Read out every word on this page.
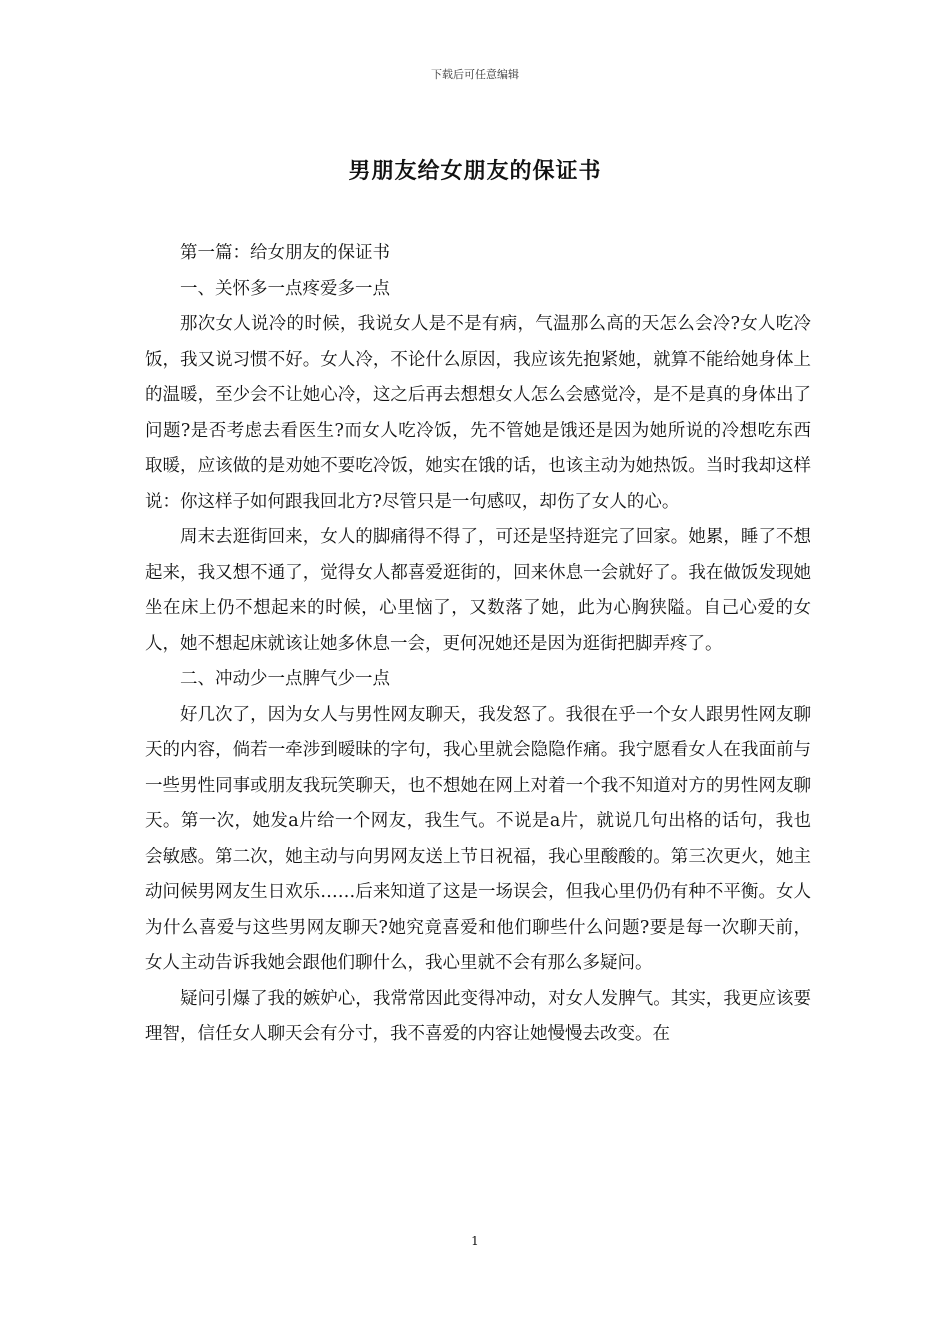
下载后可任意编辑
男朋友给女朋友的保证书

第一篇：给女朋友的保证书

一、关怀多一点疼爱多一点

那次女人说冷的时候，我说女人是不是有病，气温那么高的天怎么会冷?女人吃冷饭，我又说习惯不好。女人冷，不论什么原因，我应该先抱紧她，就算不能给她身体上的温暖，至少会不让她心冷，这之后再去想想女人怎么会感觉冷，是不是真的身体出了问题?是否考虑去看医生?而女人吃冷饭，先不管她是饿还是因为她所说的冷想吃东西取暖，应该做的是劝她不要吃冷饭，她实在饿的话，也该主动为她热饭。当时我却这样说：你这样子如何跟我回北方?尽管只是一句感叹，却伤了女人的心。

周末去逛街回来，女人的脚痛得不得了，可还是坚持逛完了回家。她累，睡了不想起来，我又想不通了，觉得女人都喜爱逛街的，回来休息一会就好了。我在做饭发现她坐在床上仍不想起来的时候，心里恼了，又数落了她，此为心胸狭隘。自己心爱的女人，她不想起床就该让她多休息一会，更何况她还是因为逛街把脚弄疼了。

二、冲动少一点脾气少一点

好几次了，因为女人与男性网友聊天，我发怒了。我很在乎一个女人跟男性网友聊天的内容，倘若一牵涉到暧昧的字句，我心里就会隐隐作痛。我宁愿看女人在我面前与一些男性同事或朋友我玩笑聊天，也不想她在网上对着一个我不知道对方的男性网友聊天。第一次，她发a片给一个网友，我生气。不说是a片，就说几句出格的话句，我也会敏感。第二次，她主动与向男网友送上节日祝福，我心里酸酸的。第三次更火，她主动问候男网友生日欢乐……后来知道了这是一场误会，但我心里仍仍有种不平衡。女人为什么喜爱与这些男网友聊天?她究竟喜爱和他们聊些什么问题?要是每一次聊天前，女人主动告诉我她会跟他们聊什么，我心里就不会有那么多疑问。

疑问引爆了我的嫉妒心，我常常因此变得冲动，对女人发脾气。其实，我更应该要理智，信任女人聊天会有分寸，我不喜爱的内容让她慢慢去改变。在

1
